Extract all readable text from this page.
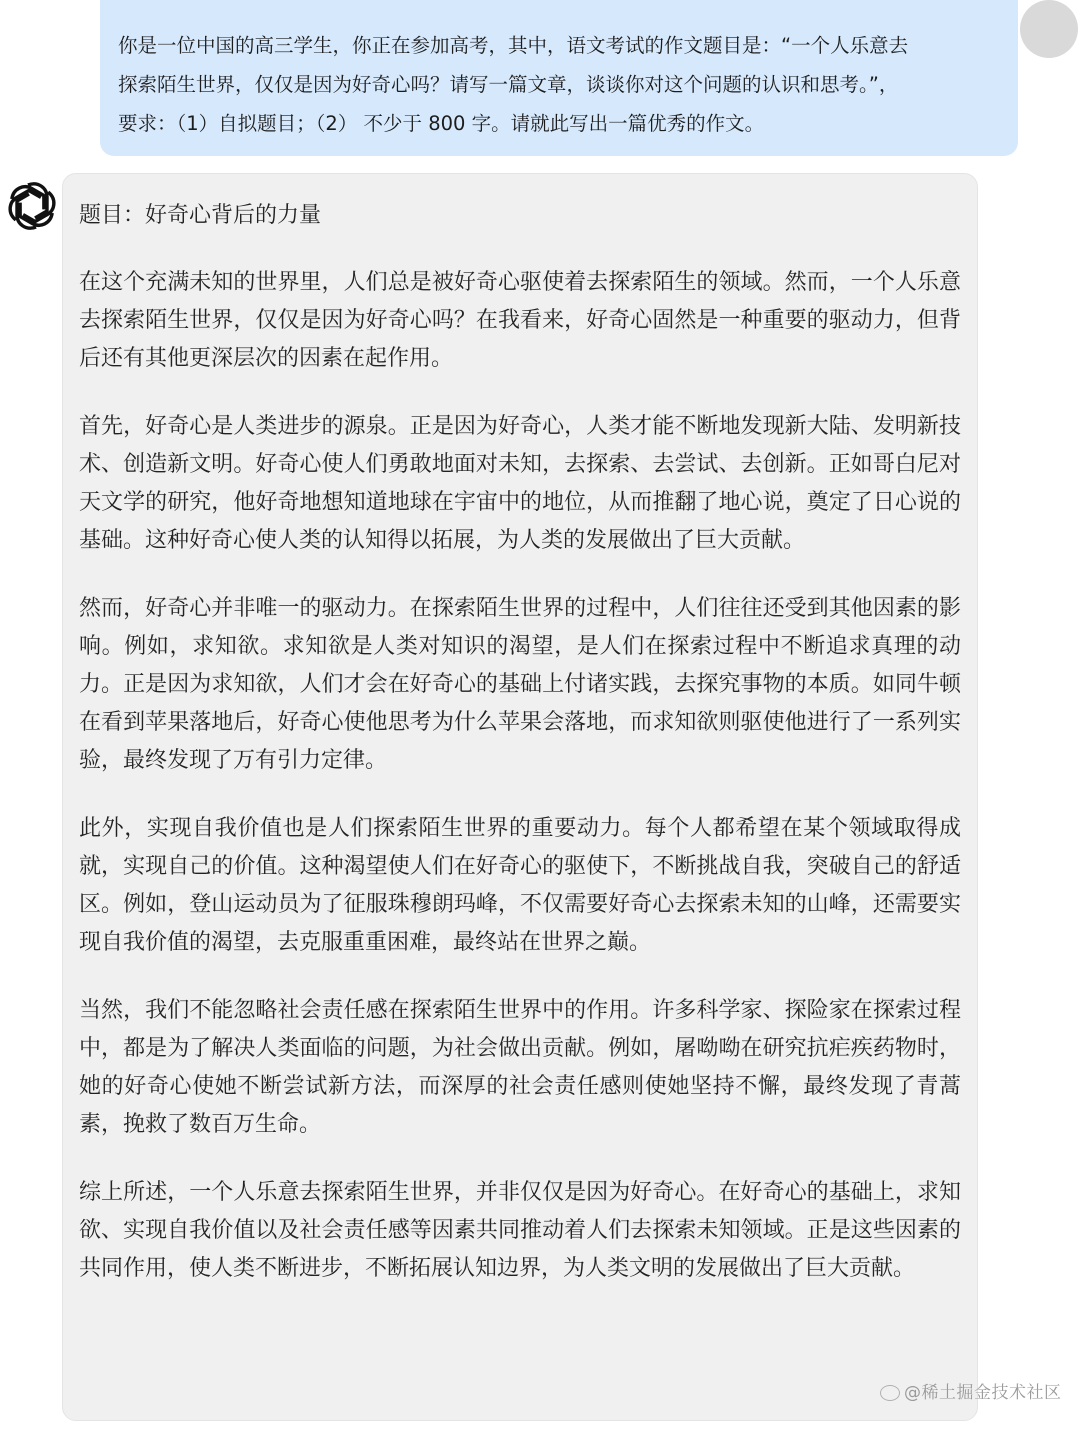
你是一位中国的高三学生，你正在参加高考，其中，语文考试的作文题目是：“一个人乐意去
探索陌生世界，仅仅是因为好奇心吗？请写一篇文章，谈谈你对这个问题的认识和思考。”，
要求：（1）自拟题目；（2） 不少于 800 字。请就此写出一篇优秀的作文。
题目：好奇心背后的力量

在这个充满未知的世界里，人们总是被好奇心驱使着去探索陌生的领域。然而，一个人乐意去探索陌生世界，仅仅是因为好奇心吗？在我看来，好奇心固然是一种重要的驱动力，但背后还有其他更深层次的因素在起作用。

首先，好奇心是人类进步的源泉。正是因为好奇心，人类才能不断地发现新大陆、发明新技术、创造新文明。好奇心使人们勇敢地面对未知，去探索、去尝试、去创新。正如哥白尼对天文学的研究，他好奇地想知道地球在宇宙中的地位，从而推翻了地心说，奠定了日心说的基础。这种好奇心使人类的认知得以拓展，为人类的发展做出了巨大贡献。

然而，好奇心并非唯一的驱动力。在探索陌生世界的过程中，人们往往还受到其他因素的影响。例如，求知欲。求知欲是人类对知识的渴望，是人们在探索过程中不断追求真理的动力。正是因为求知欲，人们才会在好奇心的基础上付诸实践，去探究事物的本质。如同牛顿在看到苹果落地后，好奇心使他思考为什么苹果会落地，而求知欲则驱使他进行了一系列实验，最终发现了万有引力定律。

此外，实现自我价值也是人们探索陌生世界的重要动力。每个人都希望在某个领域取得成就，实现自己的价值。这种渴望使人们在好奇心的驱使下，不断挑战自我，突破自己的舒适区。例如，登山运动员为了征服珠穆朗玛峰，不仅需要好奇心去探索未知的山峰，还需要实现自我价值的渴望，去克服重重困难，最终站在世界之巅。

当然，我们不能忽略社会责任感在探索陌生世界中的作用。许多科学家、探险家在探索过程中，都是为了解决人类面临的问题，为社会做出贡献。例如，屠呦呦在研究抗疟疾药物时，她的好奇心使她不断尝试新方法，而深厚的社会责任感则使她坚持不懈，最终发现了青蒿素，挽救了数百万生命。

综上所述，一个人乐意去探索陌生世界，并非仅仅是因为好奇心。在好奇心的基础上，求知欲、实现自我价值以及社会责任感等因素共同推动着人们去探索未知领域。正是这些因素的共同作用，使人类不断进步，不断拓展认知边界，为人类文明的发展做出了巨大贡献。

@稀土掘金技术社区
